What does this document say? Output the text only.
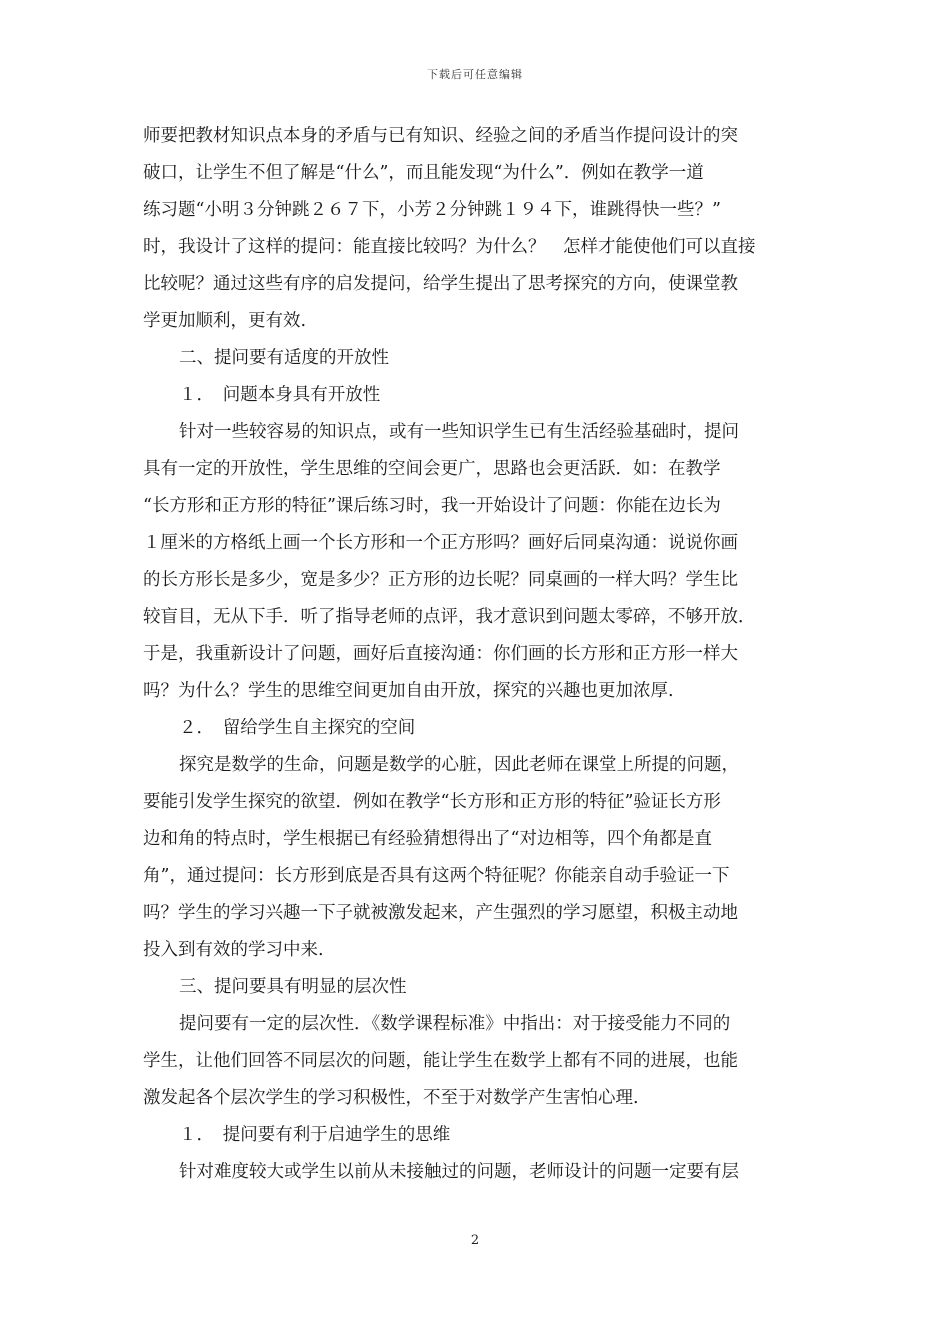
下载后可任意编辑
师要把教材知识点本身的矛盾与已有知识、经验之间的矛盾当作提问设计的突
破口，让学生不但了解是“什么”，而且能发现“为什么”．例如在教学一道
练习题“小明３分钟跳２６７下，小芳２分钟跳１９４下，谁跳得快一些？”
时，我设计了这样的提问：能直接比较吗？为什么？　怎样才能使他们可以直接
比较呢？通过这些有序的启发提问，给学生提出了思考探究的方向，使课堂教
学更加顺利，更有效.
二、提问要有适度的开放性
１．　问题本身具有开放性
针对一些较容易的知识点，或有一些知识学生已有生活经验基础时，提问
具有一定的开放性，学生思维的空间会更广，思路也会更活跃．如：在教学
“长方形和正方形的特征”课后练习时，我一开始设计了问题：你能在边长为
１厘米的方格纸上画一个长方形和一个正方形吗？画好后同桌沟通：说说你画
的长方形长是多少，宽是多少？正方形的边长呢？同桌画的一样大吗？学生比
较盲目，无从下手．听了指导老师的点评，我才意识到问题太零碎，不够开放．
于是，我重新设计了问题，画好后直接沟通：你们画的长方形和正方形一样大
吗？为什么？学生的思维空间更加自由开放，探究的兴趣也更加浓厚.
２．　留给学生自主探究的空间
探究是数学的生命，问题是数学的心脏，因此老师在课堂上所提的问题，
要能引发学生探究的欲望．例如在教学“长方形和正方形的特征”验证长方形
边和角的特点时，学生根据已有经验猜想得出了“对边相等，四个角都是直
角”，通过提问：长方形到底是否具有这两个特征呢？你能亲自动手验证一下
吗？学生的学习兴趣一下子就被激发起来，产生强烈的学习愿望，积极主动地
投入到有效的学习中来.
三、提问要具有明显的层次性
提问要有一定的层次性．《数学课程标准》中指出：对于接受能力不同的
学生，让他们回答不同层次的问题，能让学生在数学上都有不同的进展，也能
激发起各个层次学生的学习积极性，不至于对数学产生害怕心理.
１．　提问要有利于启迪学生的思维
针对难度较大或学生以前从未接触过的问题，老师设计的问题一定要有层
2
